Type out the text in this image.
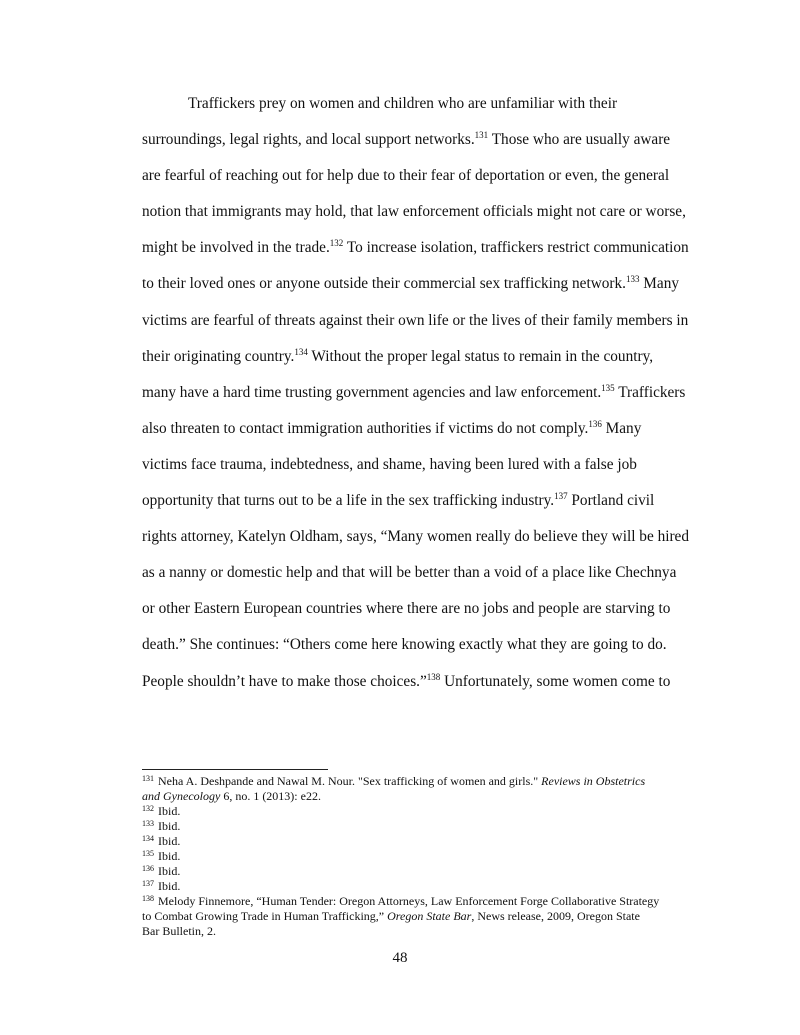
Traffickers prey on women and children who are unfamiliar with their
surroundings, legal rights, and local support networks.$^{131}$ Those who are usually aware
are fearful of reaching out for help due to their fear of deportation or even, the general
notion that immigrants may hold, that law enforcement officials might not care or worse,
might be involved in the trade.$^{132}$ To increase isolation, traffickers restrict communication
to their loved ones or anyone outside their commercial sex trafficking network.$^{133}$ Many
victims are fearful of threats against their own life or the lives of their family members in
their originating country.$^{134}$ Without the proper legal status to remain in the country,
many have a hard time trusting government agencies and law enforcement.$^{135}$ Traffickers
also threaten to contact immigration authorities if victims do not comply.$^{136}$ Many
victims face trauma, indebtedness, and shame, having been lured with a false job
opportunity that turns out to be a life in the sex trafficking industry.$^{137}$ Portland civil
rights attorney, Katelyn Oldham, says, “Many women really do believe they will be hired
as a nanny or domestic help and that will be better than a void of a place like Chechnya
or other Eastern European countries where there are no jobs and people are starving to
death.” She continues: “Others come here knowing exactly what they are going to do.
People shouldn’t have to make those choices.”$^{138}$ Unfortunately, some women come to
$^{131}$ Neha A. Deshpande and Nawal M. Nour. "Sex trafficking of women and girls." Reviews in Obstetrics
and Gynecology 6, no. 1 (2013): e22.
$^{132}$ Ibid.
$^{133}$ Ibid.
$^{134}$ Ibid.
$^{135}$ Ibid.
$^{136}$ Ibid.
$^{137}$ Ibid.
$^{138}$ Melody Finnemore, “Human Tender: Oregon Attorneys, Law Enforcement Forge Collaborative Strategy
to Combat Growing Trade in Human Trafficking,” Oregon State Bar, News release, 2009, Oregon State
Bar Bulletin, 2.
48
